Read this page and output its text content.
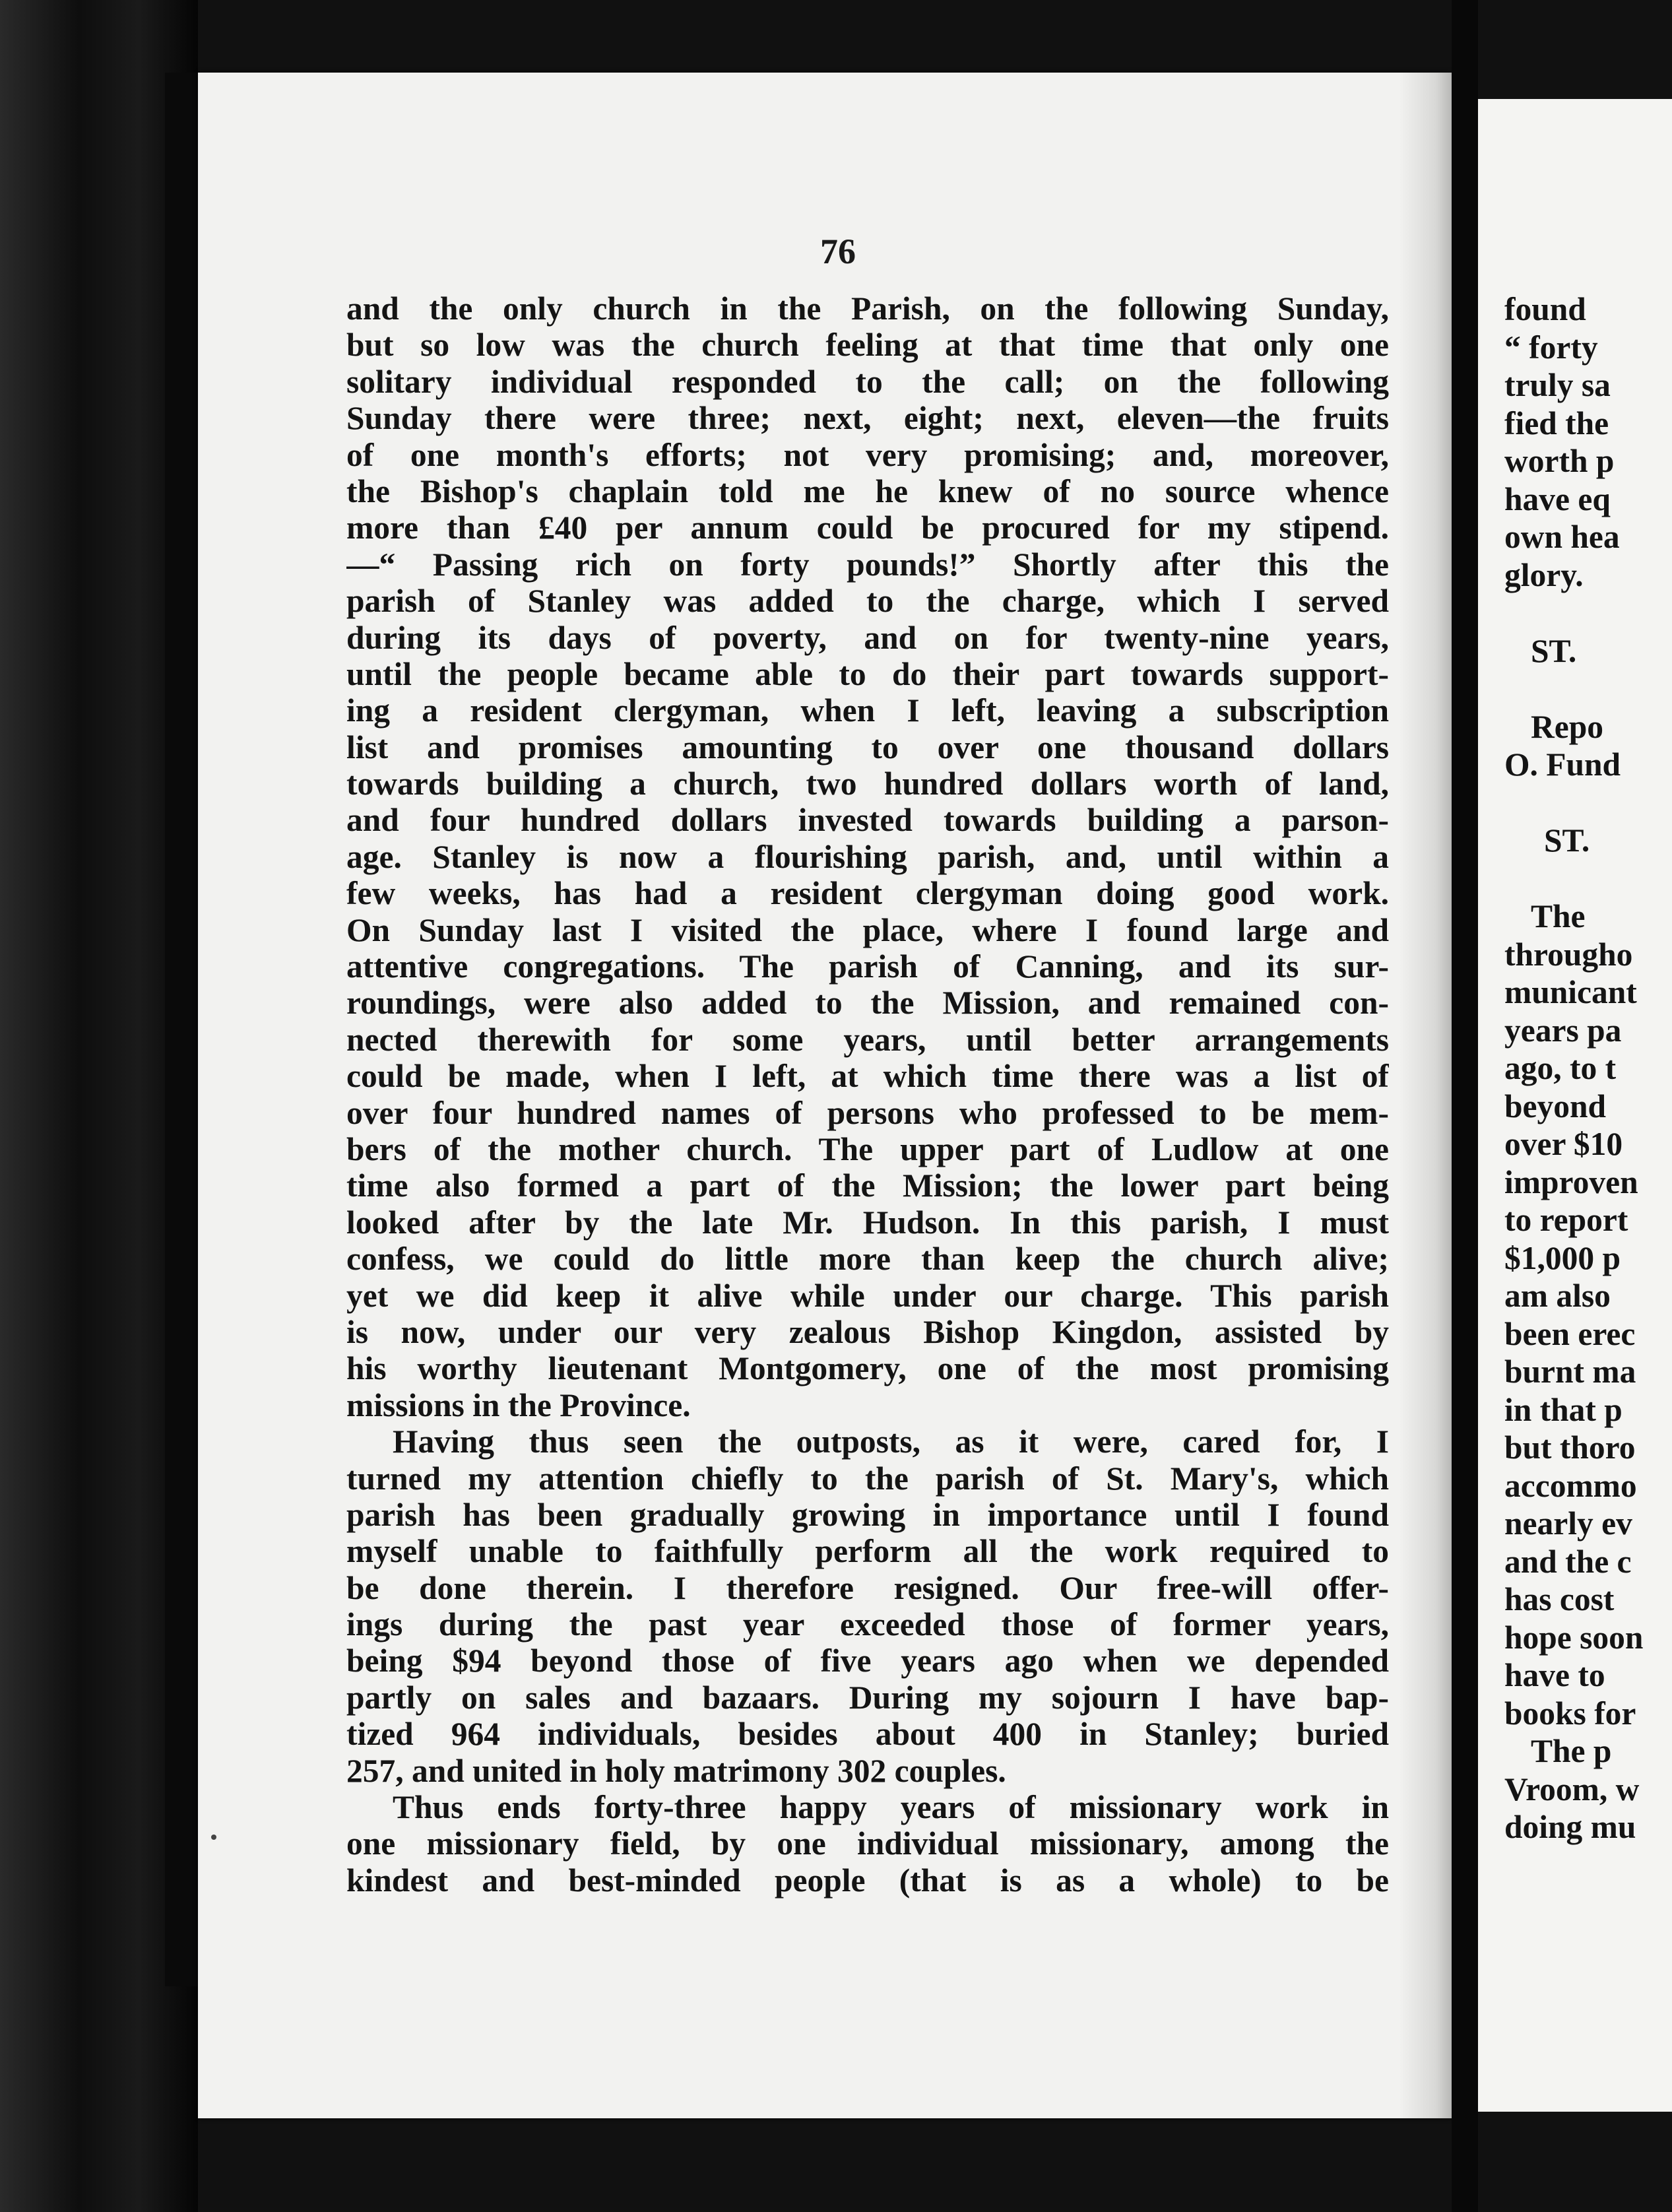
76
and the only church in the Parish, on the following Sunday,
but so low was the church feeling at that time that only one
solitary individual responded to the call; on the following
Sunday there were three; next, eight; next, eleven—the fruits
of one month's efforts; not very promising; and, moreover,
the Bishop's chaplain told me he knew of no source whence
more than £40 per annum could be procured for my stipend.
—“ Passing rich on forty pounds!” Shortly after this the
parish of Stanley was added to the charge, which I served
during its days of poverty, and on for twenty-nine years,
until the people became able to do their part towards support-
ing a resident clergyman, when I left, leaving a subscription
list and promises amounting to over one thousand dollars
towards building a church, two hundred dollars worth of land,
and four hundred dollars invested towards building a parson-
age. Stanley is now a flourishing parish, and, until within a
few weeks, has had a resident clergyman doing good work.
On Sunday last I visited the place, where I found large and
attentive congregations. The parish of Canning, and its sur-
roundings, were also added to the Mission, and remained con-
nected therewith for some years, until better arrangements
could be made, when I left, at which time there was a list of
over four hundred names of persons who professed to be mem-
bers of the mother church. The upper part of Ludlow at one
time also formed a part of the Mission; the lower part being
looked after by the late Mr. Hudson. In this parish, I must
confess, we could do little more than keep the church alive;
yet we did keep it alive while under our charge. This parish
is now, under our very zealous Bishop Kingdon, assisted by
his worthy lieutenant Montgomery, one of the most promising
missions in the Province.
Having thus seen the outposts, as it were, cared for, I
turned my attention chiefly to the parish of St. Mary's, which
parish has been gradually growing in importance until I found
myself unable to faithfully perform all the work required to
be done therein. I therefore resigned. Our free-will offer-
ings during the past year exceeded those of former years,
being $94 beyond those of five years ago when we depended
partly on sales and bazaars. During my sojourn I have bap-
tized 964 individuals, besides about 400 in Stanley; buried
257, and united in holy matrimony 302 couples.
Thus ends forty-three happy years of missionary work in
one missionary field, by one individual missionary, among the
kindest and best-minded people (that is as a whole) to be
found
“ forty
truly sa
fied the
worth p
have eq
own hea
glory.
ST.
Repo
O. Fund
ST.
The
througho
municant
years pa
ago, to t
beyond
over $10
improven
to report
$1,000 p
am also
been erec
burnt ma
in that p
but thoro
accommo
nearly ev
and the c
has cost
hope soon
have to
books for
The p
Vroom, w
doing mu
